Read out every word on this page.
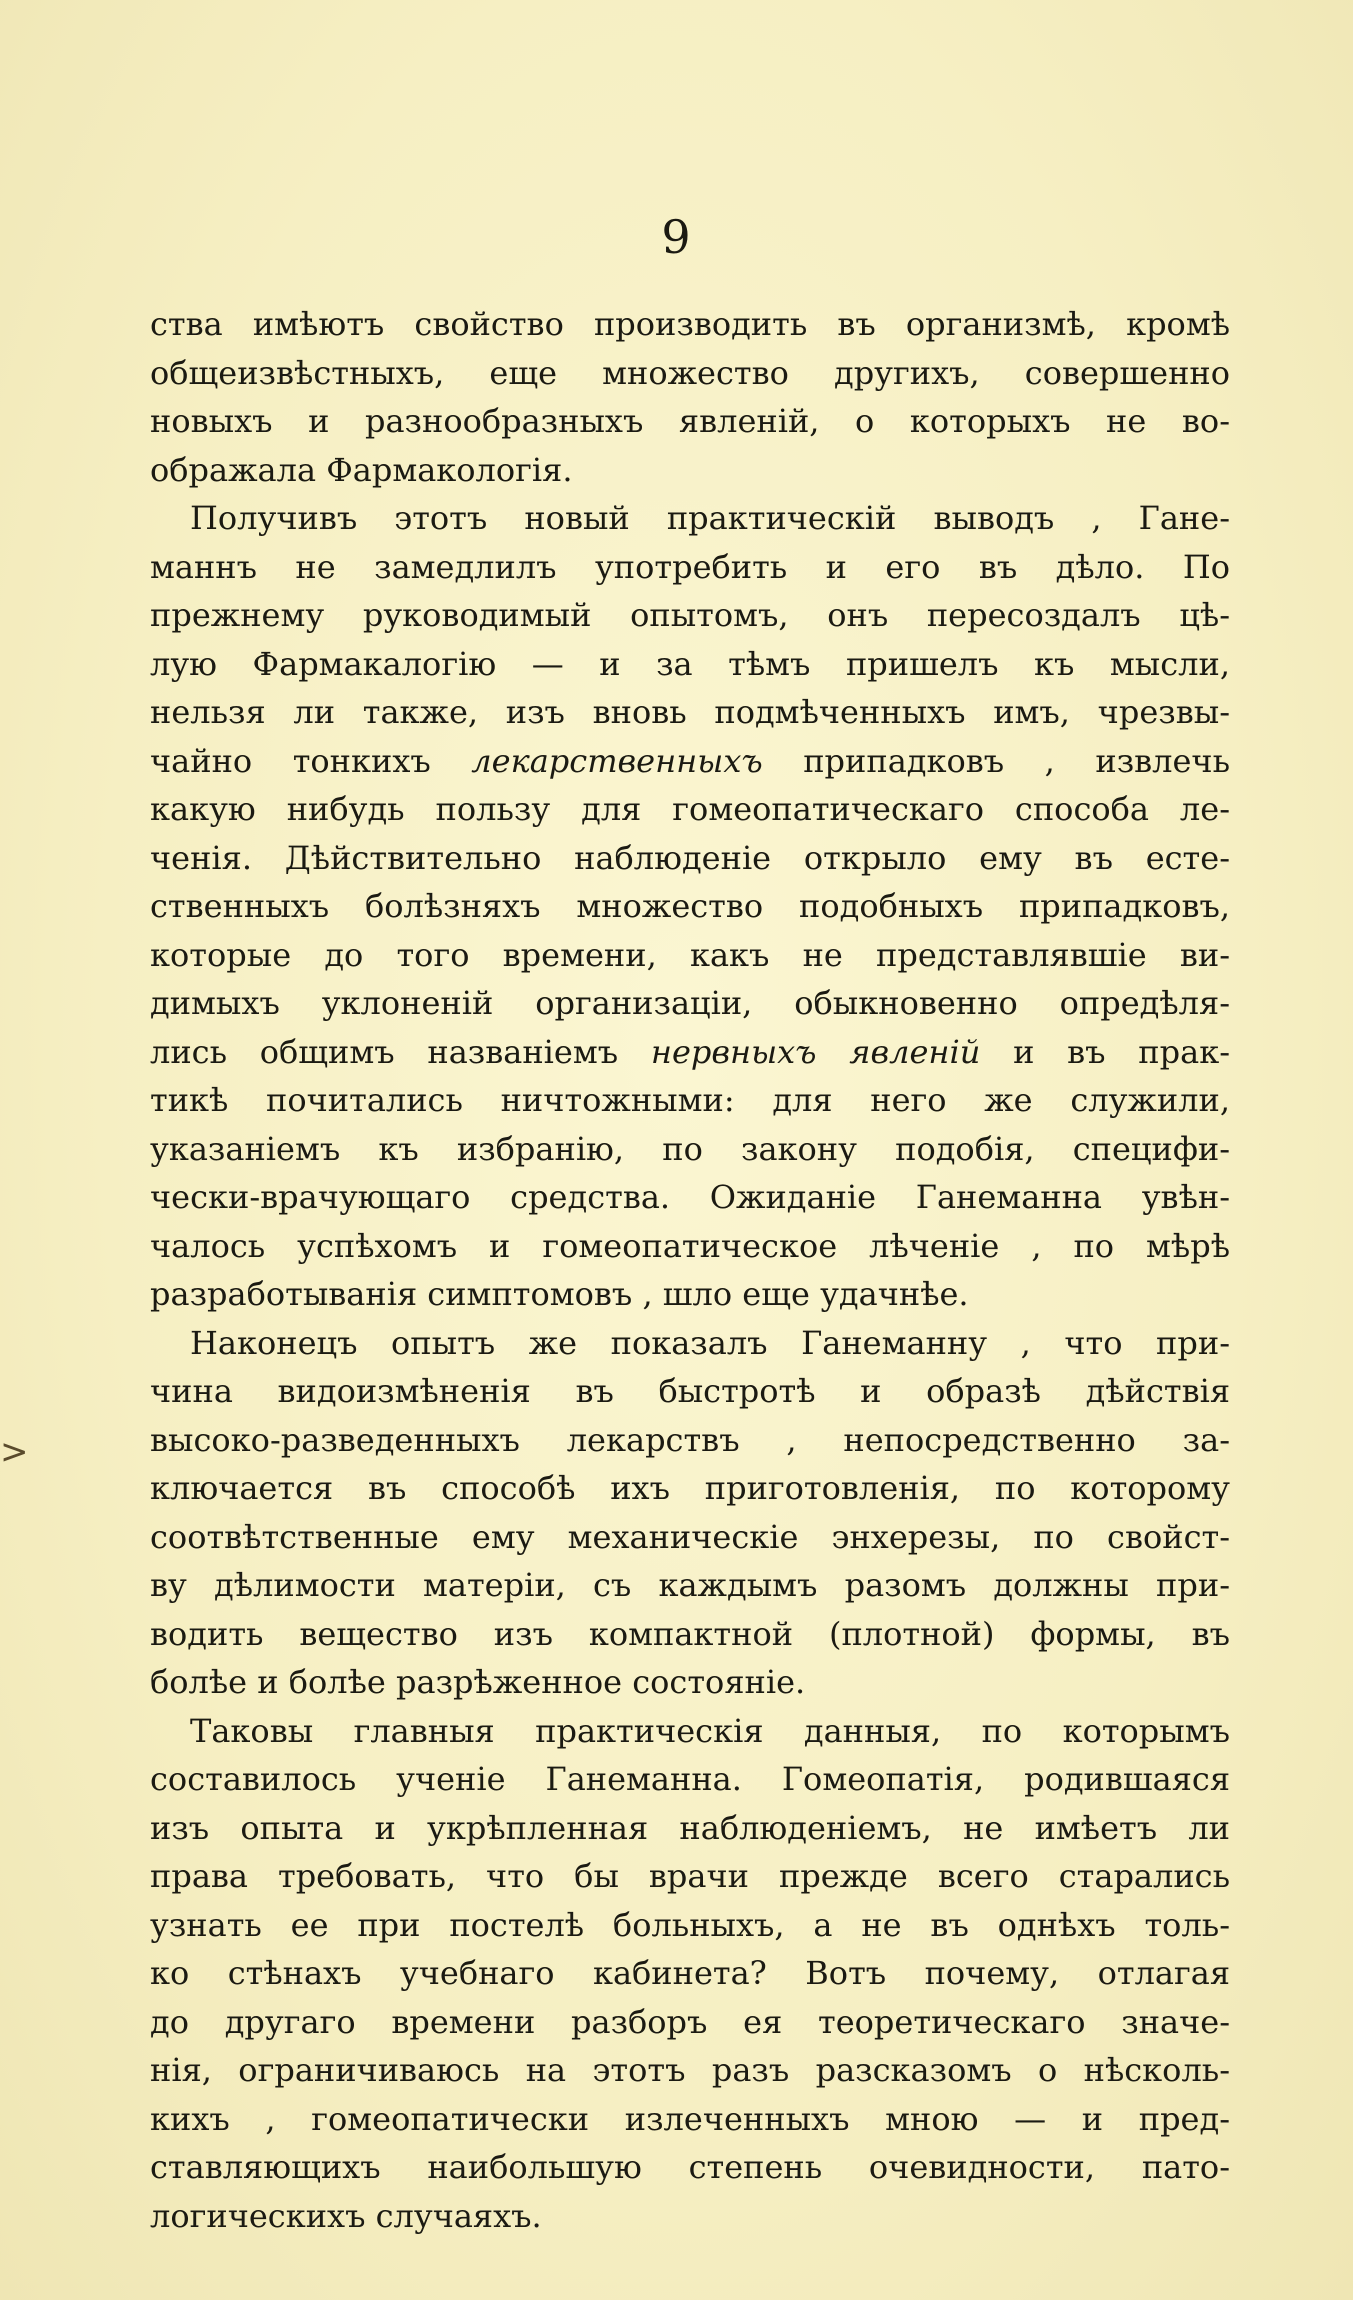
9
>
ства имѣютъ свойство производить въ организмѣ, кромѣ
общеизвѣстныхъ, еще множество другихъ, совершенно
новыхъ и разнообразныхъ явленій, о которыхъ не во-
ображала Фармакологія.
Получивъ этотъ новый практическій выводъ , Гане-
маннъ не замедлилъ употребить и его въ дѣло. По
прежнему руководимый опытомъ, онъ пересоздалъ цѣ-
лую Фармакалогію — и за тѣмъ пришелъ къ мысли,
нельзя ли также, изъ вновь подмѣченныхъ имъ, чрезвы-
чайно тонкихъ лекарственныхъ припадковъ , извлечь
какую нибудь пользу для гомеопатическаго способа ле-
ченія. Дѣйствительно наблюденіе открыло ему въ есте-
ственныхъ болѣзняхъ множество подобныхъ припадковъ,
которые до того времени, какъ не представлявшіе ви-
димыхъ уклоненій организаціи, обыкновенно опредѣля-
лись общимъ названіемъ нервныхъ явленій и въ прак-
тикѣ почитались ничтожными: для него же служили,
указаніемъ къ избранію, по закону подобія, специфи-
чески-врачующаго средства. Ожиданіе Ганеманна увѣн-
чалось успѣхомъ и гомеопатическое лѣченіе , по мѣрѣ
разработыванія симптомовъ , шло еще удачнѣе.
Наконецъ опытъ же показалъ Ганеманну , что при-
чина видоизмѣненія въ быстротѣ и образѣ дѣйствія
высоко-разведенныхъ лекарствъ , непосредственно за-
ключается въ способѣ ихъ приготовленія, по которому
соотвѣтственные ему механическіе энхерезы, по свойст-
ву дѣлимости матеріи, съ каждымъ разомъ должны при-
водить вещество изъ компактной (плотной) формы, въ
болѣе и болѣе разрѣженное состояніе.
Таковы главныя практическія данныя, по которымъ
составилось ученіе Ганеманна. Гомеопатія, родившаяся
изъ опыта и укрѣпленная наблюденіемъ, не имѣетъ ли
права требовать, что бы врачи прежде всего старались
узнать ее при постелѣ больныхъ, а не въ однѣхъ толь-
ко стѣнахъ учебнаго кабинета? Вотъ почему, отлагая
до другаго времени разборъ ея теоретическаго значе-
нія, ограничиваюсь на этотъ разъ разсказомъ о нѣсколь-
кихъ , гомеопатически излеченныхъ мною — и пред-
ставляющихъ наибольшую степень очевидности, пато-
логическихъ случаяхъ.
